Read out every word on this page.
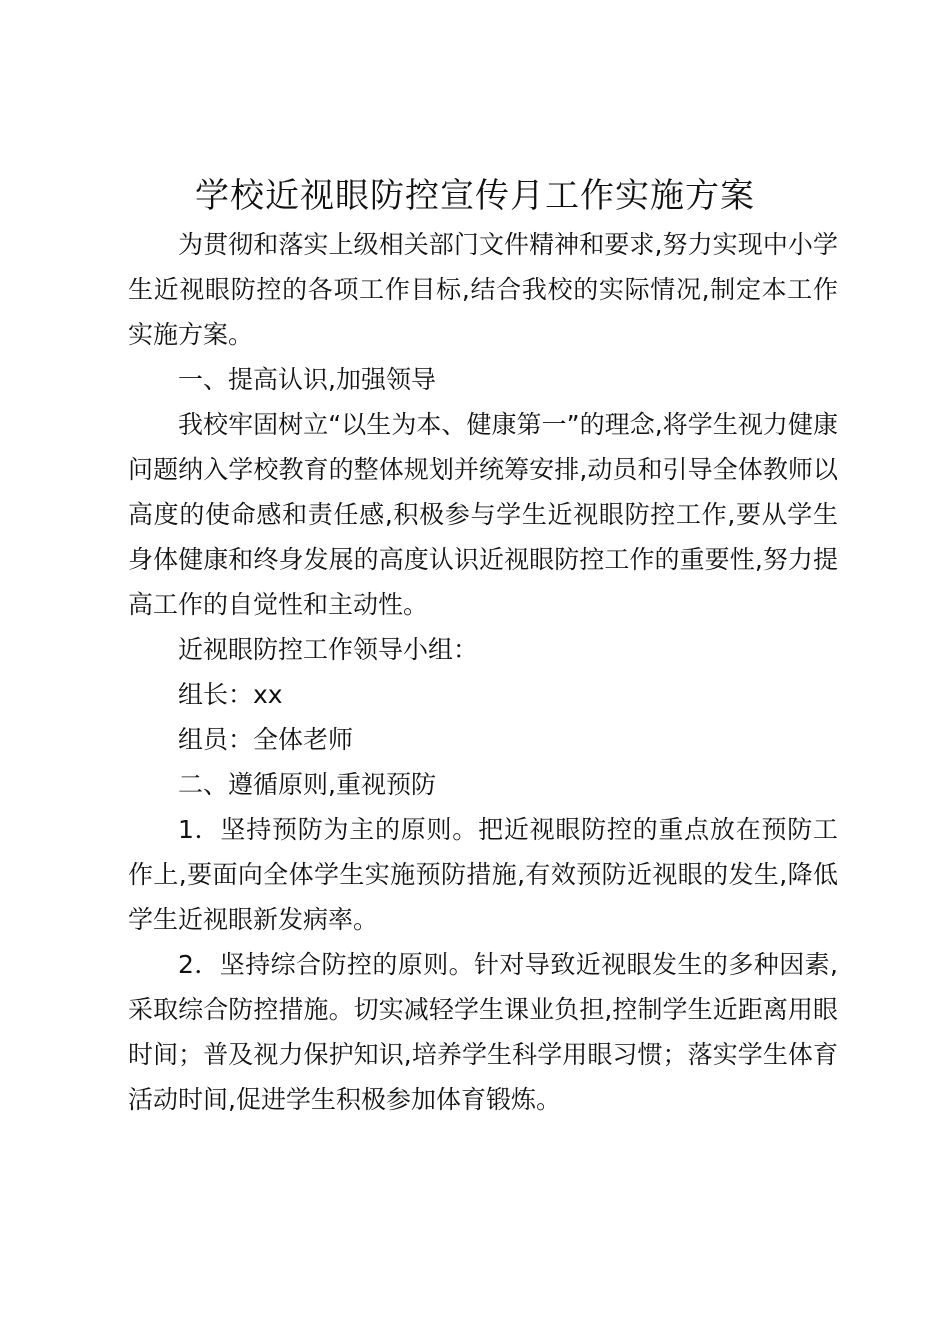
学校近视眼防控宣传月工作实施方案

为贯彻和落实上级相关部门文件精神和要求,努力实现中小学生近视眼防控的各项工作目标,结合我校的实际情况,制定本工作实施方案。

一、提高认识,加强领导

我校牢固树立“以生为本、健康第一”的理念,将学生视力健康问题纳入学校教育的整体规划并统筹安排,动员和引导全体教师以高度的使命感和责任感,积极参与学生近视眼防控工作,要从学生身体健康和终身发展的高度认识近视眼防控工作的重要性,努力提高工作的自觉性和主动性。

近视眼防控工作领导小组：

组长：xx

组员：全体老师

二、遵循原则,重视预防

1．坚持预防为主的原则。把近视眼防控的重点放在预防工作上,要面向全体学生实施预防措施,有效预防近视眼的发生,降低学生近视眼新发病率。

2．坚持综合防控的原则。针对导致近视眼发生的多种因素,采取综合防控措施。切实减轻学生课业负担,控制学生近距离用眼时间；普及视力保护知识,培养学生科学用眼习惯；落实学生体育活动时间,促进学生积极参加体育锻炼。
